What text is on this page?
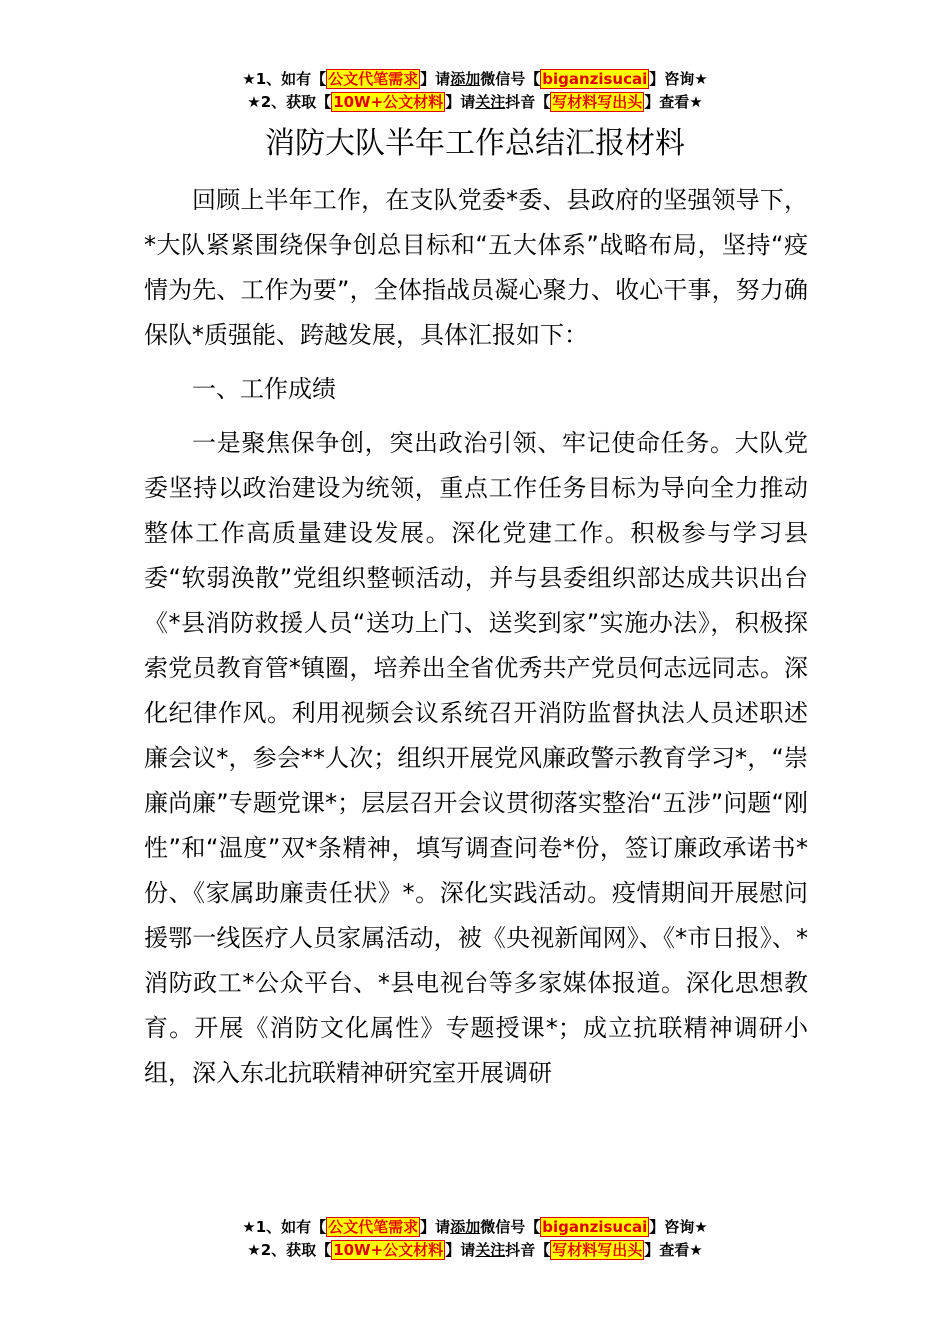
★1、如有【 公文代笔需求 】请添加微信号【 biganzisucai 】咨询★
★2、获取【 10W+公文材料 】请关注抖音【 写材料写出头 】查看★
消防大队半年工作总结汇报材料

回顾上半年工作，在支队党委*委、县政府的坚强领导下，*大队紧紧围绕保争创总目标和“五大体系”战略布局，坚持“疫情为先、工作为要”，全体指战员凝心聚力、收心干事，努力确保队*质强能、跨越发展，具体汇报如下：

一、工作成绩

一是聚焦保争创，突出政治引领、牢记使命任务。大队党委坚持以政治建设为统领，重点工作任务目标为导向全力推动整体工作高质量建设发展。深化党建工作。积极参与学习县委“软弱涣散”党组织整顿活动，并与县委组织部达成共识出台《*县消防救援人员“送功上门、送奖到家”实施办法》，积极探索党员教育管*镇圈，培养出全省优秀共产党员何志远同志。深化纪律作风。利用视频会议系统召开消防监督执法人员述职述廉会议*，参会**人次；组织开展党风廉政警示教育学习*，“崇廉尚廉”专题党课*；层层召开会议贯彻落实整治“五涉”问题“刚性”和“温度”双*条精神，填写调查问卷*份，签订廉政承诺书*份、《家属助廉责任状》*。深化实践活动。疫情期间开展慰问援鄂一线医疗人员家属活动，被《央视新闻网》、《*市日报》、*消防政工*公众平台、*县电视台等多家媒体报道。深化思想教育。开展《消防文化属性》专题授课*；成立抗联精神调研小组，深入东北抗联精神研究室开展调研

★1、如有【 公文代笔需求 】请添加微信号【 biganzisucai 】咨询★
★2、获取【 10W+公文材料 】请关注抖音【 写材料写出头 】查看★
